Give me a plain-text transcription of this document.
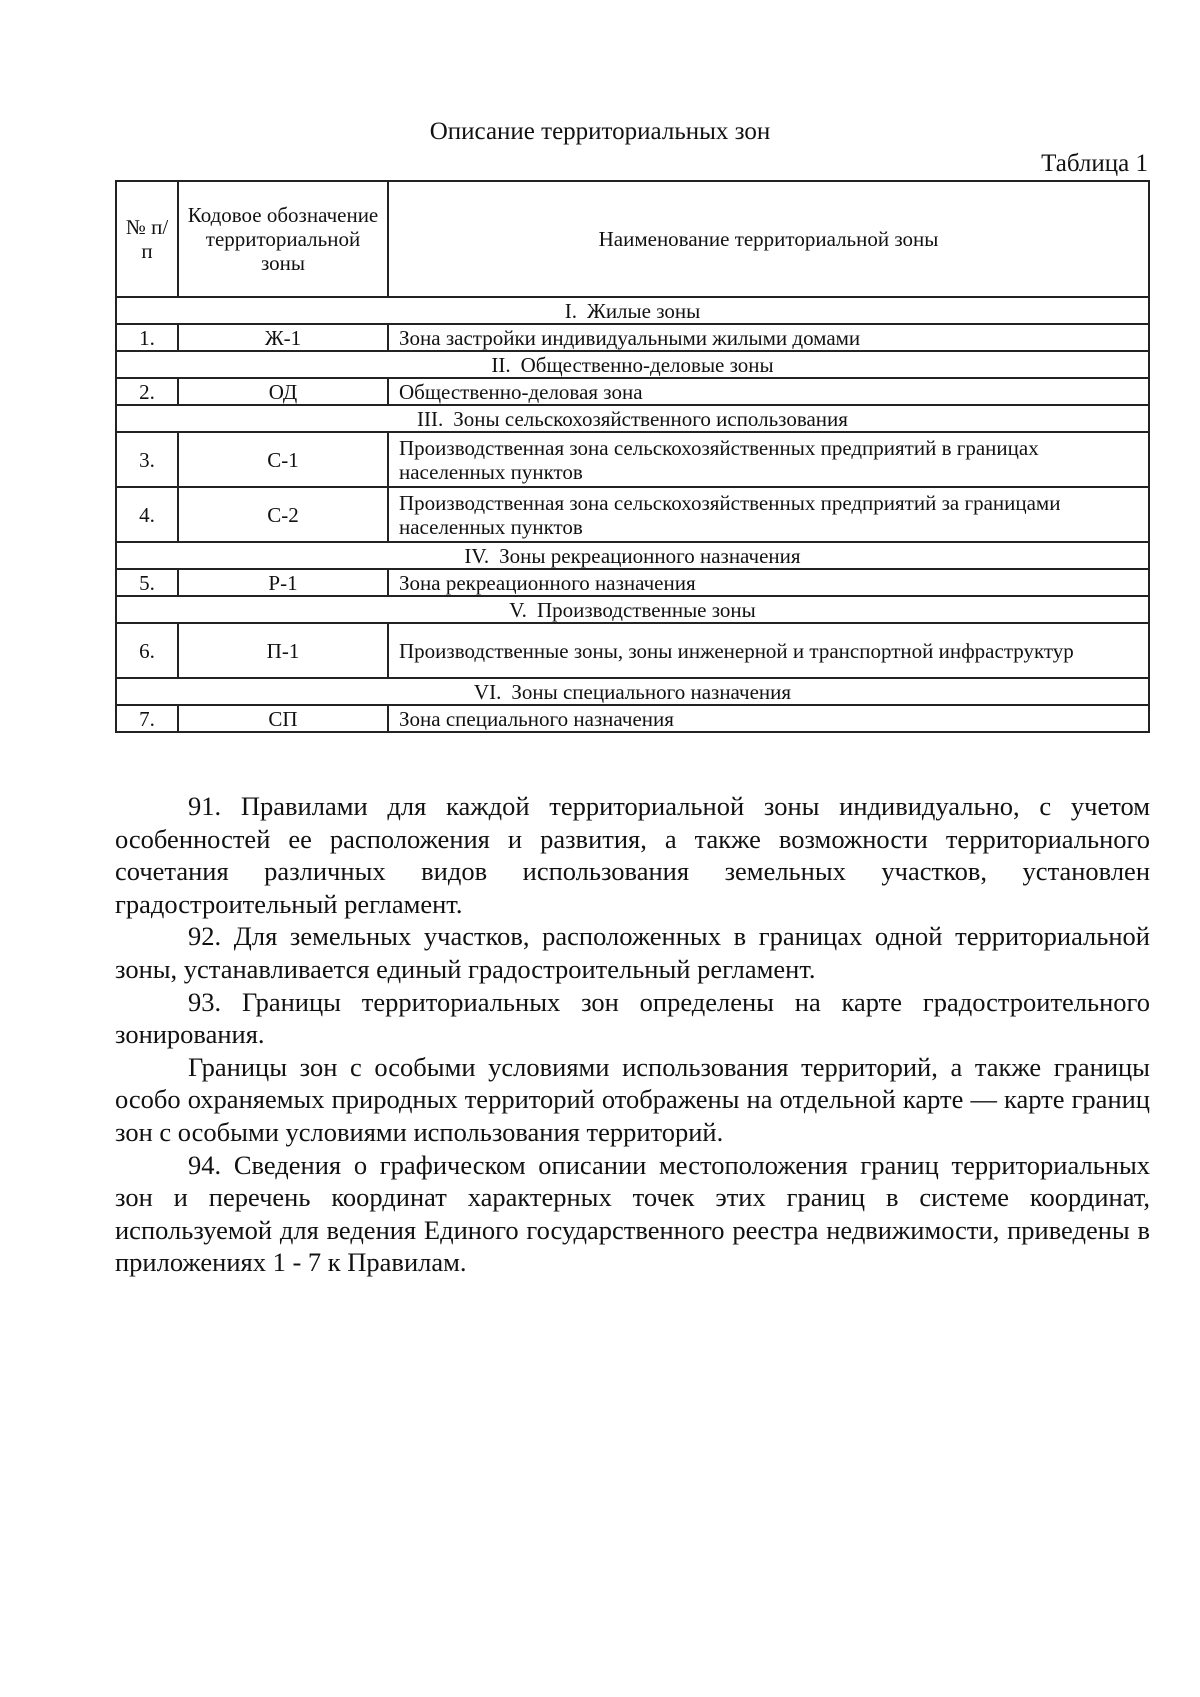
Описание территориальных зон
Таблица 1
№ п/п	Кодовое обозначение территориальной зоны	Наименование территориальной зоны
I. Жилые зоны		
1.	Ж-1	Зона застройки индивидуальными жилыми домами
II. Общественно-деловые зоны		
2.	ОД	Общественно-деловая зона
III. Зоны сельскохозяйственного использования		
3.	С-1	Производственная зона сельскохозяйственных предприятий в границах населенных пунктов
4.	С-2	Производственная зона сельскохозяйственных предприятий за границами населенных пунктов
IV. Зоны рекреационного назначения		
5.	Р-1	Зона рекреационного назначения
V. Производственные зоны		
6.	П-1	Производственные зоны, зоны инженерной и транспортной инфраструктур
VI. Зоны специального назначения		
7.	СП	Зона специального назначения

91. Правилами для каждой территориальной зоны индивидуально, с учетом особенностей ее расположения и развития, а также возможности территориального сочетания различных видов использования земельных участков, установлен градостроительный регламент.

92. Для земельных участков, расположенных в границах одной территориальной зоны, устанавливается единый градостроительный регламент.

93. Границы территориальных зон определены на карте градостроительного зонирования.

Границы зон с особыми условиями использования территорий, а также границы особо охраняемых природных территорий отображены на отдельной карте — карте границ зон с особыми условиями использования территорий.

94. Сведения о графическом описании местоположения границ территориальных зон и перечень координат характерных точек этих границ в системе координат, используемой для ведения Единого государственного реестра недвижимости, приведены в приложениях 1 - 7 к Правилам.
